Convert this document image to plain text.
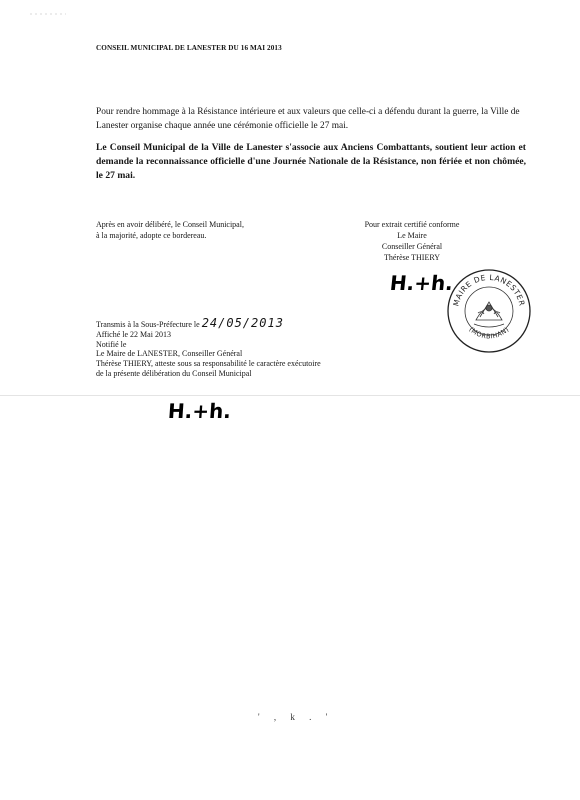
CONSEIL MUNICIPAL DE LANESTER DU 16 MAI 2013
Pour rendre hommage à la Résistance intérieure et aux valeurs que celle-ci a défendu durant la guerre, la Ville de Lanester organise chaque année une cérémonie officielle le 27 mai.
Le Conseil Municipal de la Ville de Lanester s'associe aux Anciens Combattants, soutient leur action et demande la reconnaissance officielle d'une Journée Nationale de la Résistance, non fériée et non chômée, le 27 mai.
Après en avoir délibéré, le Conseil Municipal,
à la majorité, adopte ce bordereau.
Pour extrait certifié conforme
Le Maire
Conseiller Général
Thérèse THIERY
H.+h.
MAIRE DE LANESTER
(MORBIHAN)
Transmis à la Sous-Préfecture le 24/05/2013
Affiché le 22 Mai 2013
Notifié le
Le Maire de LANESTER, Conseiller Général
Thérèse THIERY, atteste sous sa responsabilité le caractère exécutoire
de la présente délibération du Conseil Municipal
H.+h.
' , k . '
